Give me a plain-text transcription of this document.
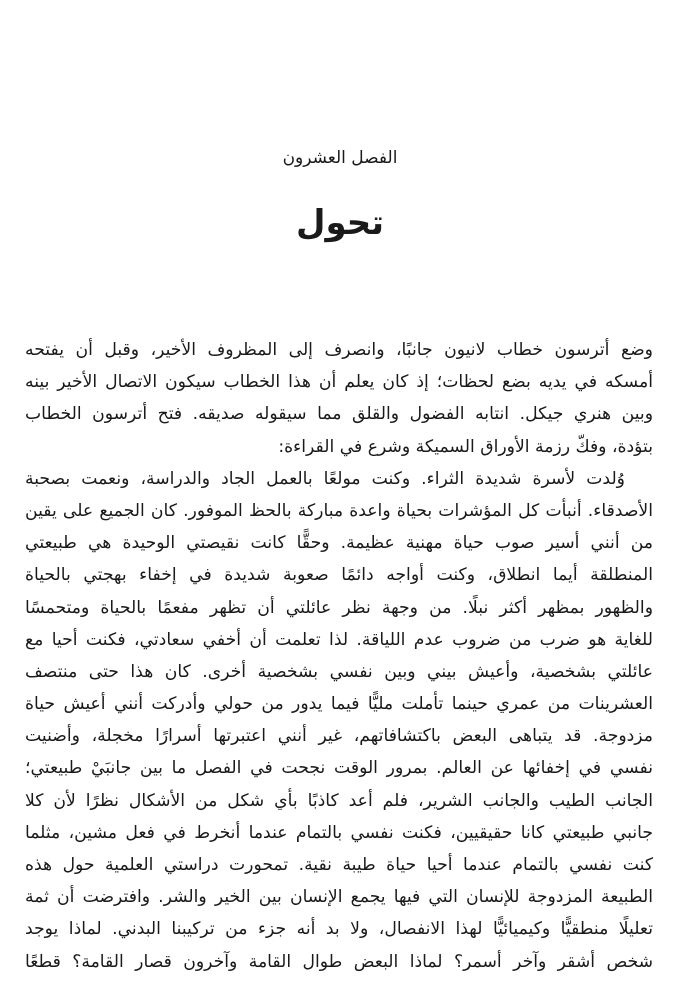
الفصل العشرون
تحول
وضع أترسون خطاب لانيون جانبًا، وانصرف إلى المظروف الأخير، وقبل أن يفتحه
أمسكه في يديه بضع لحظات؛ إذ كان يعلم أن هذا الخطاب سيكون الاتصال الأخير بينه
وبين هنري جيكل. انتابه الفضول والقلق مما سيقوله صديقه. فتح أترسون الخطاب
بتؤدة، وفكّ رزمة الأوراق السميكة وشرع في القراءة:
وُلدت لأسرة شديدة الثراء. وكنت مولعًا بالعمل الجاد والدراسة، ونعمت بصحبة
الأصدقاء. أنبأت كل المؤشرات بحياة واعدة مباركة بالحظ الموفور. كان الجميع على يقين
من أنني أسير صوب حياة مهنية عظيمة. وحقًّا كانت نقيصتي الوحيدة هي طبيعتي
المنطلقة أيما انطلاق، وكنت أواجه دائمًا صعوبة شديدة في إخفاء بهجتي بالحياة
والظهور بمظهر أكثر نبلًا. من وجهة نظر عائلتي أن تظهر مفعمًا بالحياة ومتحمسًا
للغاية هو ضرب من ضروب عدم اللياقة. لذا تعلمت أن أخفي سعادتي، فكنت أحيا مع
عائلتي بشخصية، وأعيش بيني وبين نفسي بشخصية أخرى. كان هذا حتى منتصف
العشرينات من عمري حينما تأملت مليًّا فيما يدور من حولي وأدركت أنني أعيش حياة
مزدوجة. قد يتباهى البعض باكتشافاتهم، غير أنني اعتبرتها أسرارًا مخجلة، وأضنيت
نفسي في إخفائها عن العالم. بمرور الوقت نجحت في الفصل ما بين جانبَيْ طبيعتي؛
الجانب الطيب والجانب الشرير، فلم أعد كاذبًا بأي شكل من الأشكال نظرًا لأن كلا
جانبي طبيعتي كانا حقيقيين، فكنت نفسي بالتمام عندما أنخرط في فعل مشين، مثلما
كنت نفسي بالتمام عندما أحيا حياة طيبة نقية. تمحورت دراستي العلمية حول هذه
الطبيعة المزدوجة للإنسان التي فيها يجمع الإنسان بين الخير والشر. وافترضت أن ثمة
تعليلًا منطقيًّا وكيميائيًّا لهذا الانفصال، ولا بد أنه جزء من تركيبنا البدني. لماذا يوجد
شخص أشقر وآخر أسمر؟ لماذا البعض طوال القامة وآخرون قصار القامة؟ قطعًا
